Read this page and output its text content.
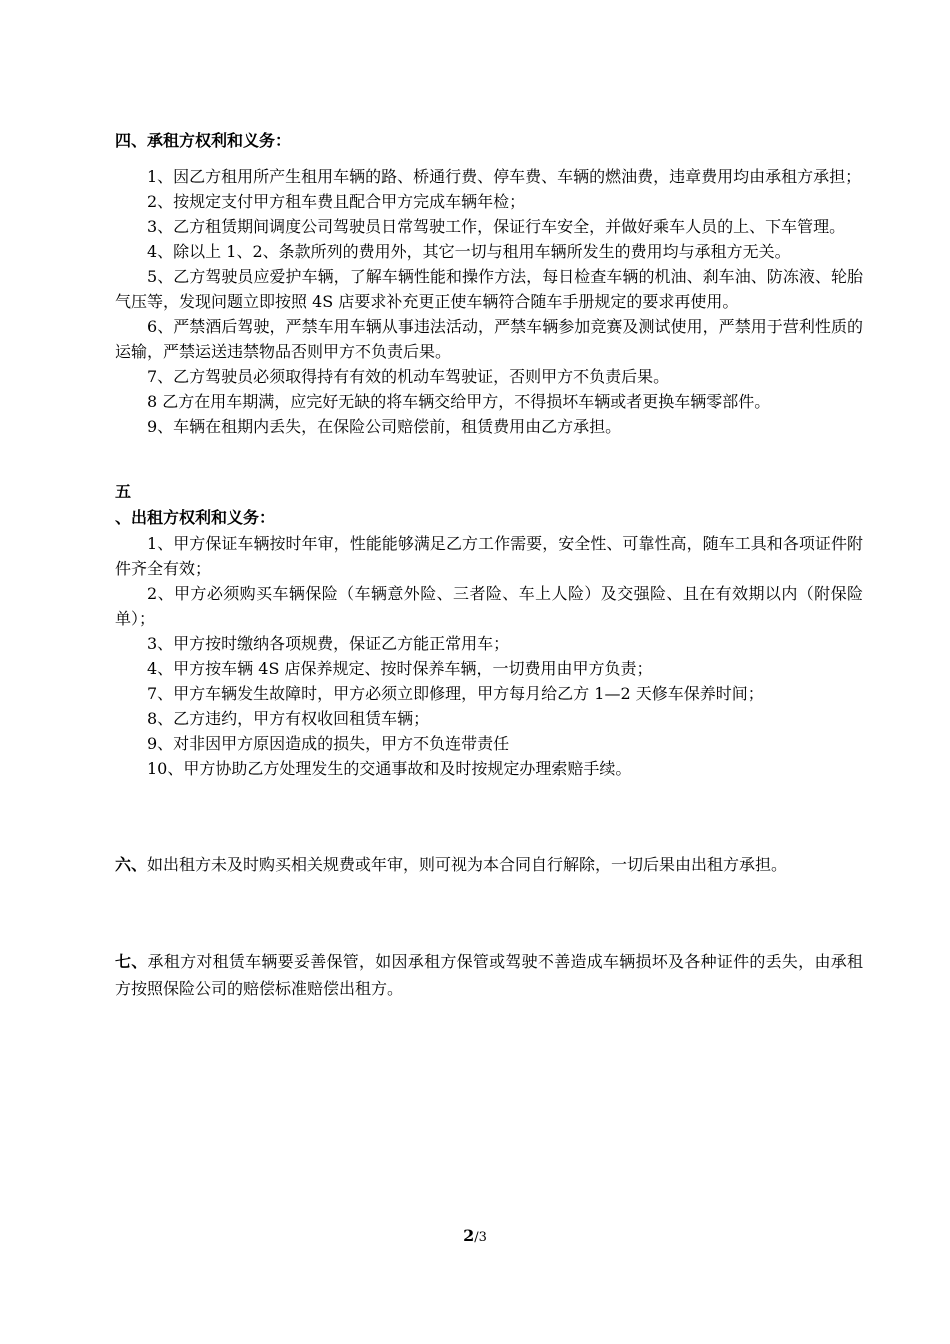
四、承租方权利和义务：

1、因乙方租用所产生租用车辆的路、桥通行费、停车费、车辆的燃油费，违章费用均由承租方承担；

2、按规定支付甲方租车费且配合甲方完成车辆年检；

3、乙方租赁期间调度公司驾驶员日常驾驶工作，保证行车安全，并做好乘车人员的上、下车管理。

4、除以上 1、2、条款所列的费用外，其它一切与租用车辆所发生的费用均与承租方无关。

5、乙方驾驶员应爱护车辆，了解车辆性能和操作方法，每日检查车辆的机油、刹车油、防冻液、轮胎气压等，发现问题立即按照 4S 店要求补充更正使车辆符合随车手册规定的要求再使用。

6、严禁酒后驾驶，严禁车用车辆从事违法活动，严禁车辆参加竞赛及测试使用，严禁用于营利性质的运输，严禁运送违禁物品否则甲方不负责后果。

7、乙方驾驶员必须取得持有有效的机动车驾驶证，否则甲方不负责后果。

8 乙方在用车期满，应完好无缺的将车辆交给甲方，不得损坏车辆或者更换车辆零部件。

9、车辆在租期内丢失，在保险公司赔偿前，租赁费用由乙方承担。

五

、出租方权利和义务：

1、甲方保证车辆按时年审，性能能够满足乙方工作需要，安全性、可靠性高，随车工具和各项证件附件齐全有效；

2、甲方必须购买车辆保险（车辆意外险、三者险、车上人险）及交强险、且在有效期以内（附保险单）；

3、甲方按时缴纳各项规费，保证乙方能正常用车；

4、甲方按车辆 4S 店保养规定、按时保养车辆，一切费用由甲方负责；

7、甲方车辆发生故障时，甲方必须立即修理，甲方每月给乙方 1—2 天修车保养时间；

8、乙方违约，甲方有权收回租赁车辆；

9、对非因甲方原因造成的损失，甲方不负连带责任

10、甲方协助乙方处理发生的交通事故和及时按规定办理索赔手续。

六、如出租方未及时购买相关规费或年审，则可视为本合同自行解除，一切后果由出租方承担。

七、承租方对租赁车辆要妥善保管，如因承租方保管或驾驶不善造成车辆损坏及各种证件的丢失，由承租方按照保险公司的赔偿标准赔偿出租方。

2/3
